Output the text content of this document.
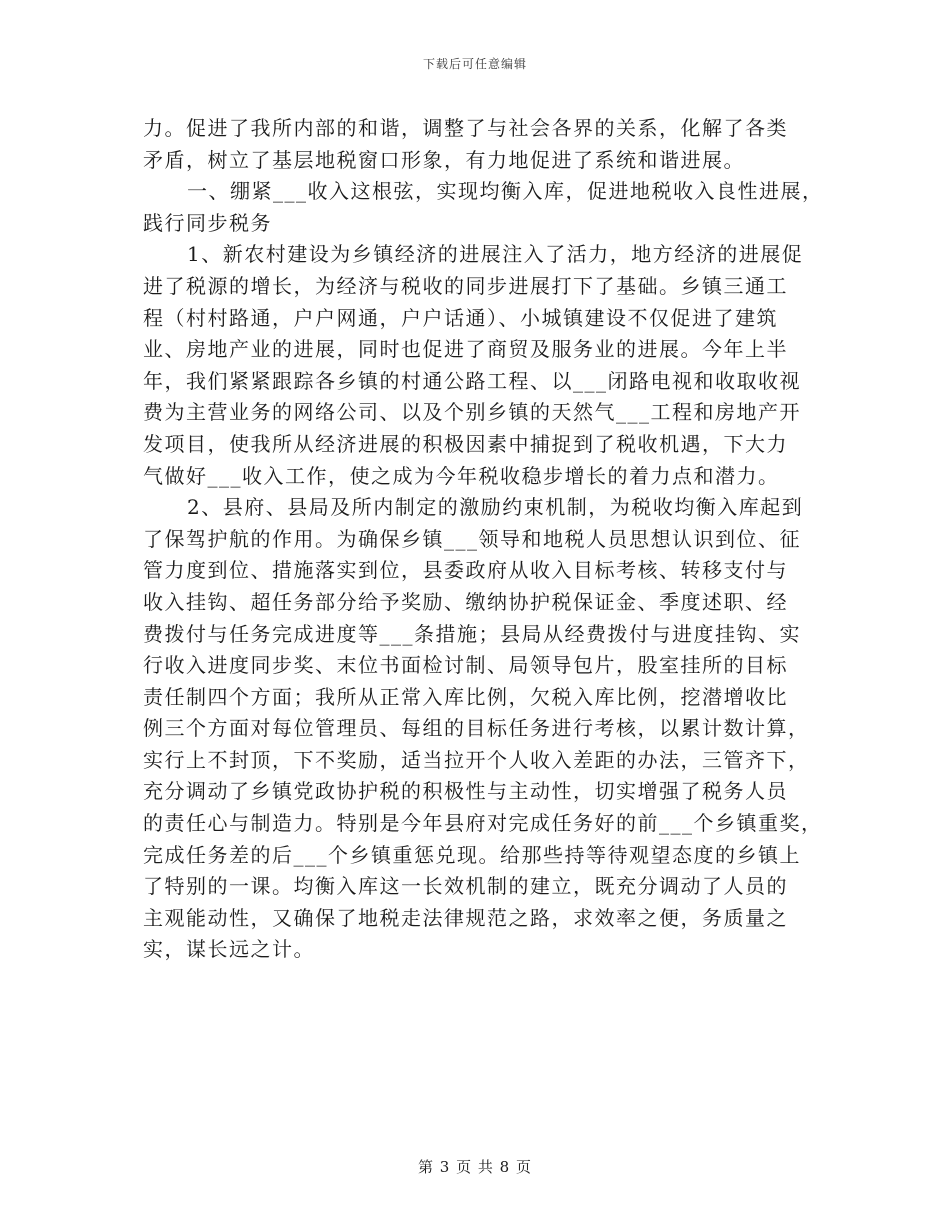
下载后可任意编辑
力。促进了我所内部的和谐，调整了与社会各界的关系，化解了各类
矛盾，树立了基层地税窗口形象，有力地促进了系统和谐进展。
一、绷紧___收入这根弦，实现均衡入库，促进地税收入良性进展，
践行同步税务
1、新农村建设为乡镇经济的进展注入了活力，地方经济的进展促
进了税源的增长，为经济与税收的同步进展打下了基础。乡镇三通工
程（村村路通，户户网通，户户话通）、小城镇建设不仅促进了建筑
业、房地产业的进展，同时也促进了商贸及服务业的进展。今年上半
年，我们紧紧跟踪各乡镇的村通公路工程、以___闭路电视和收取收视
费为主营业务的网络公司、以及个别乡镇的天然气___工程和房地产开
发项目，使我所从经济进展的积极因素中捕捉到了税收机遇，下大力
气做好___收入工作，使之成为今年税收稳步增长的着力点和潜力。
2、县府、县局及所内制定的激励约束机制，为税收均衡入库起到
了保驾护航的作用。为确保乡镇___领导和地税人员思想认识到位、征
管力度到位、措施落实到位，县委政府从收入目标考核、转移支付与
收入挂钩、超任务部分给予奖励、缴纳协护税保证金、季度述职、经
费拨付与任务完成进度等___条措施；县局从经费拨付与进度挂钩、实
行收入进度同步奖、末位书面检讨制、局领导包片，股室挂所的目标
责任制四个方面；我所从正常入库比例，欠税入库比例，挖潜增收比
例三个方面对每位管理员、每组的目标任务进行考核，以累计数计算，
实行上不封顶，下不奖励，适当拉开个人收入差距的办法，三管齐下，
充分调动了乡镇党政协护税的积极性与主动性，切实增强了税务人员
的责任心与制造力。特别是今年县府对完成任务好的前___个乡镇重奖，
完成任务差的后___个乡镇重惩兑现。给那些持等待观望态度的乡镇上
了特别的一课。均衡入库这一长效机制的建立，既充分调动了人员的
主观能动性，又确保了地税走法律规范之路，求效率之便，务质量之
实，谋长远之计。
第 3 页 共 8 页
